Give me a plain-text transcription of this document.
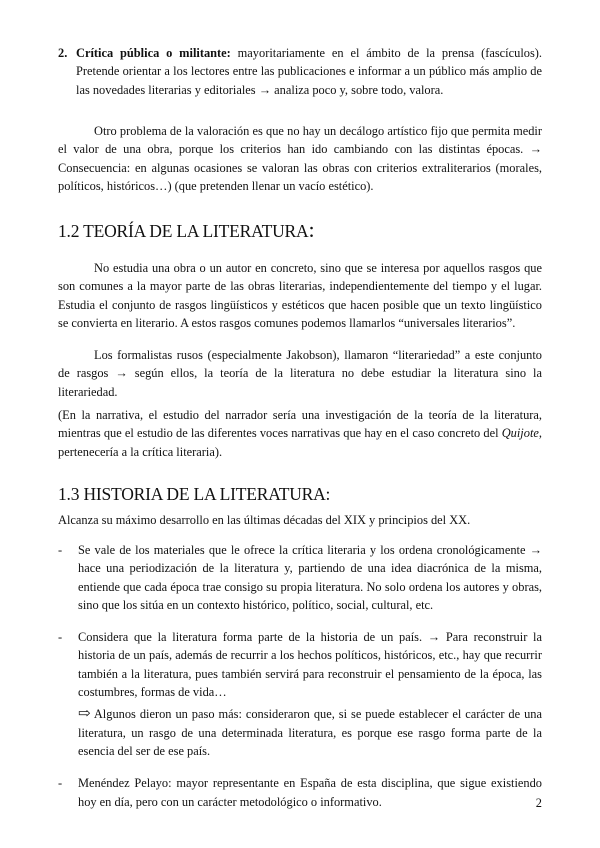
2. Crítica pública o militante: mayoritariamente en el ámbito de la prensa (fascículos). Pretende orientar a los lectores entre las publicaciones e informar a un público más amplio de las novedades literarias y editoriales → analiza poco y, sobre todo, valora.

Otro problema de la valoración es que no hay un decálogo artístico fijo que permita medir el valor de una obra, porque los criterios han ido cambiando con las distintas épocas. → Consecuencia: en algunas ocasiones se valoran las obras con criterios extraliterarios (morales, políticos, históricos…) (que pretenden llenar un vacío estético).

1.2 TEORÍA DE LA LITERATURA:

No estudia una obra o un autor en concreto, sino que se interesa por aquellos rasgos que son comunes a la mayor parte de las obras literarias, independientemente del tiempo y el lugar. Estudia el conjunto de rasgos lingüísticos y estéticos que hacen posible que un texto lingüístico se convierta en literario. A estos rasgos comunes podemos llamarlos “universales literarios”.

Los formalistas rusos (especialmente Jakobson), llamaron “literariedad” a este conjunto de rasgos → según ellos, la teoría de la literatura no debe estudiar la literatura sino la literariedad.

(En la narrativa, el estudio del narrador sería una investigación de la teoría de la literatura, mientras que el estudio de las diferentes voces narrativas que hay en el caso concreto del Quijote, pertenecería a la crítica literaria).

1.3 HISTORIA DE LA LITERATURA:

Alcanza su máximo desarrollo en las últimas décadas del XIX y principios del XX.

- Se vale de los materiales que le ofrece la crítica literaria y los ordena cronológicamente → hace una periodización de la literatura y, partiendo de una idea diacrónica de la misma, entiende que cada época trae consigo su propia literatura. No solo ordena los autores y obras, sino que los sitúa en un contexto histórico, político, social, cultural, etc.
- Considera que la literatura forma parte de la historia de un país. → Para reconstruir la historia de un país, además de recurrir a los hechos políticos, históricos, etc., hay que recurrir también a la literatura, pues también servirá para reconstruir el pensamiento de la época, las costumbres, formas de vida…
⇨ Algunos dieron un paso más: consideraron que, si se puede establecer el carácter de una literatura, un rasgo de una determinada literatura, es porque ese rasgo forma parte de la esencia del ser de ese país.
- Menéndez Pelayo: mayor representante en España de esta disciplina, que sigue existiendo hoy en día, pero con un carácter metodológico o informativo.	2
